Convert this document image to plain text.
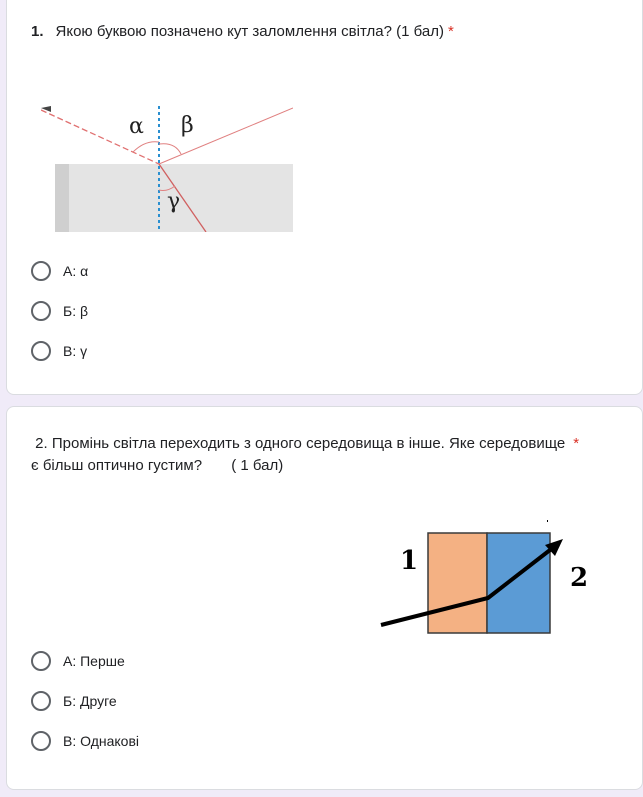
1. Якою буквою позначено кут заломлення світла? (1 бал) *
α β
γ
А: α
Б: β
В: γ
2. Промінь світла переходить з одного середовища в інше. Яке середовище *
є більш оптично густим?       ( 1 бал)
1
2
А: Перше
Б: Друге
В: Однакові
